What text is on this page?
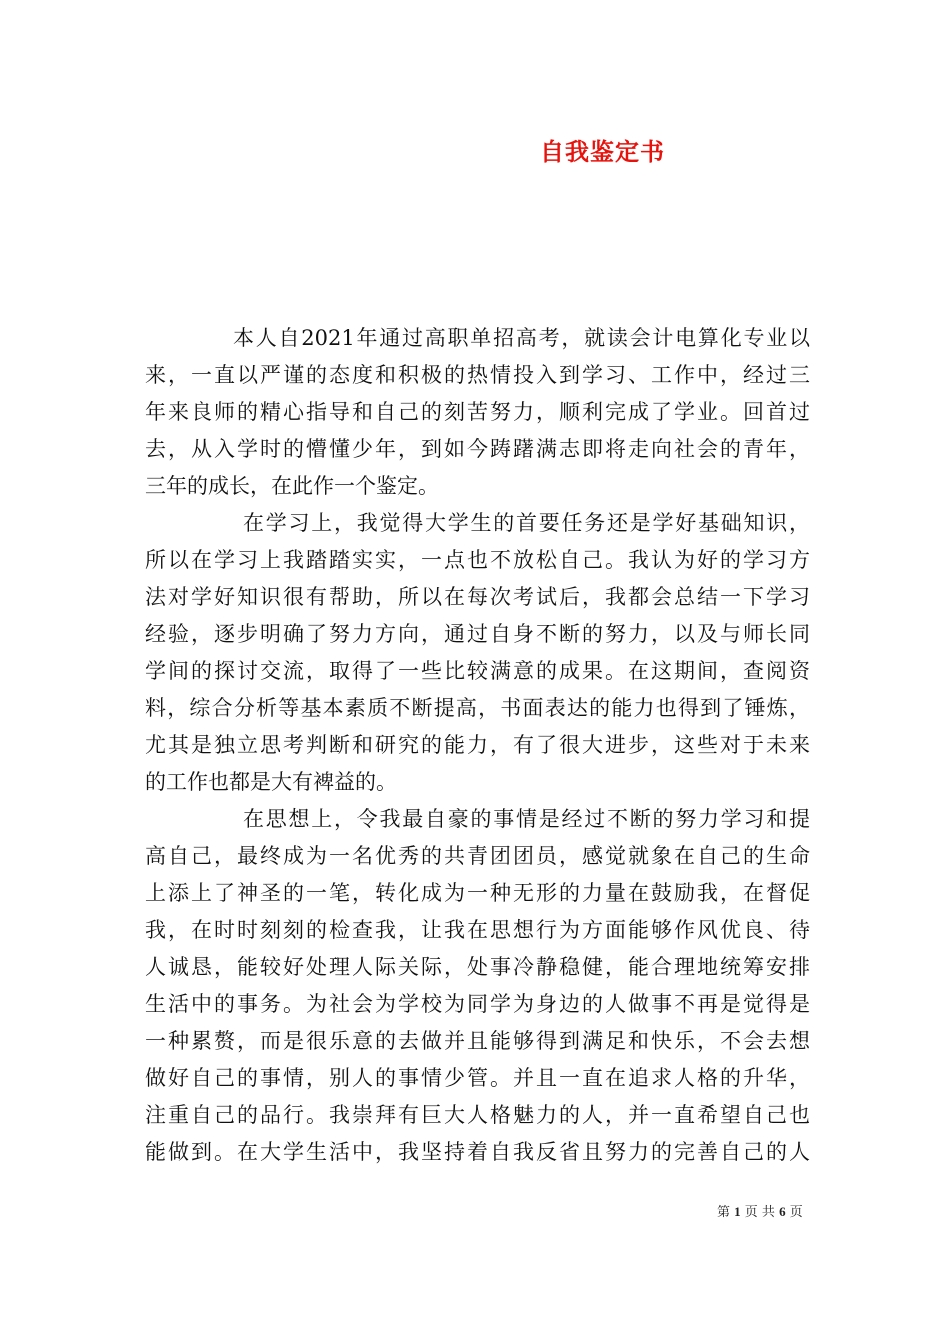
自我鉴定书
本人自2021年通过高职单招高考，就读会计电算化专业以
来，一直以严谨的态度和积极的热情投入到学习、工作中，经过三
年来良师的精心指导和自己的刻苦努力，顺利完成了学业。回首过
去，从入学时的懵懂少年，到如今踌躇满志即将走向社会的青年，
三年的成长，在此作一个鉴定。
在学习上，我觉得大学生的首要任务还是学好基础知识，
所以在学习上我踏踏实实，一点也不放松自己。我认为好的学习方
法对学好知识很有帮助，所以在每次考试后，我都会总结一下学习
经验，逐步明确了努力方向，通过自身不断的努力，以及与师长同
学间的探讨交流，取得了一些比较满意的成果。在这期间，查阅资
料，综合分析等基本素质不断提高，书面表达的能力也得到了锤炼，
尤其是独立思考判断和研究的能力，有了很大进步，这些对于未来
的工作也都是大有裨益的。
在思想上，令我最自豪的事情是经过不断的努力学习和提
高自己，最终成为一名优秀的共青团团员，感觉就象在自己的生命
上添上了神圣的一笔，转化成为一种无形的力量在鼓励我，在督促
我，在时时刻刻的检查我，让我在思想行为方面能够作风优良、待
人诚恳，能较好处理人际关际，处事冷静稳健，能合理地统筹安排
生活中的事务。为社会为学校为同学为身边的人做事不再是觉得是
一种累赘，而是很乐意的去做并且能够得到满足和快乐，不会去想
做好自己的事情，别人的事情少管。并且一直在追求人格的升华，
注重自己的品行。我崇拜有巨大人格魅力的人，并一直希望自己也
能做到。在大学生活中，我坚持着自我反省且努力的完善自己的人
第 1 页 共 6 页
